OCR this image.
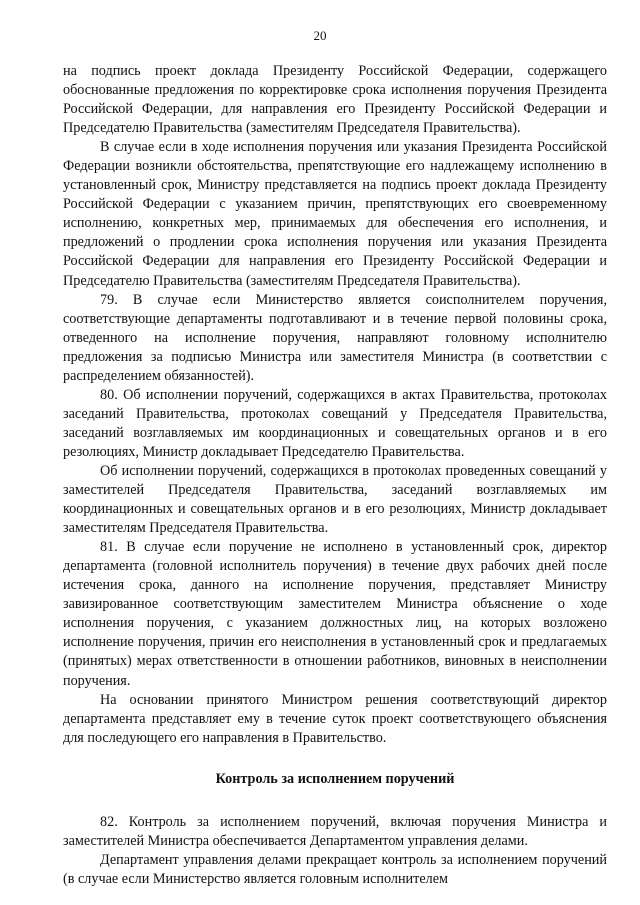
20

на подпись проект доклада Президенту Российской Федерации, содержащего обоснованные предложения по корректировке срока исполнения поручения Президента Российской Федерации, для направления его Президенту Российской Федерации и Председателю Правительства (заместителям Председателя Правительства).

В случае если в ходе исполнения поручения или указания Президента Российской Федерации возникли обстоятельства, препятствующие его надлежащему исполнению в установленный срок, Министру представляется на подпись проект доклада Президенту Российской Федерации с указанием причин, препятствующих его своевременному исполнению, конкретных мер, принимаемых для обеспечения его исполнения, и предложений о продлении срока исполнения поручения или указания Президента Российской Федерации для направления его Президенту Российской Федерации и Председателю Правительства (заместителям Председателя Правительства).

79. В случае если Министерство является соисполнителем поручения, соответствующие департаменты подготавливают и в течение первой половины срока, отведенного на исполнение поручения, направляют головному исполнителю предложения за подписью Министра или заместителя Министра (в соответствии с распределением обязанностей).

80. Об исполнении поручений, содержащихся в актах Правительства, протоколах заседаний Правительства, протоколах совещаний у Председателя Правительства, заседаний возглавляемых им координационных и совещательных органов и в его резолюциях, Министр докладывает Председателю Правительства.

Об исполнении поручений, содержащихся в протоколах проведенных совещаний у заместителей Председателя Правительства, заседаний возглавляемых им координационных и совещательных органов и в его резолюциях, Министр докладывает заместителям Председателя Правительства.

81. В случае если поручение не исполнено в установленный срок, директор департамента (головной исполнитель поручения) в течение двух рабочих дней после истечения срока, данного на исполнение поручения, представляет Министру завизированное соответствующим заместителем Министра объяснение о ходе исполнения поручения, с указанием должностных лиц, на которых возложено исполнение поручения, причин его неисполнения в установленный срок и предлагаемых (принятых) мерах ответственности в отношении работников, виновных в неисполнении поручения.

На основании принятого Министром решения соответствующий директор департамента представляет ему в течение суток проект соответствующего объяснения для последующего его направления в Правительство.

Контроль за исполнением поручений

82. Контроль за исполнением поручений, включая поручения Министра и заместителей Министра обеспечивается Департаментом управления делами.

Департамент управления делами прекращает контроль за исполнением поручений (в случае если Министерство является головным исполнителем
